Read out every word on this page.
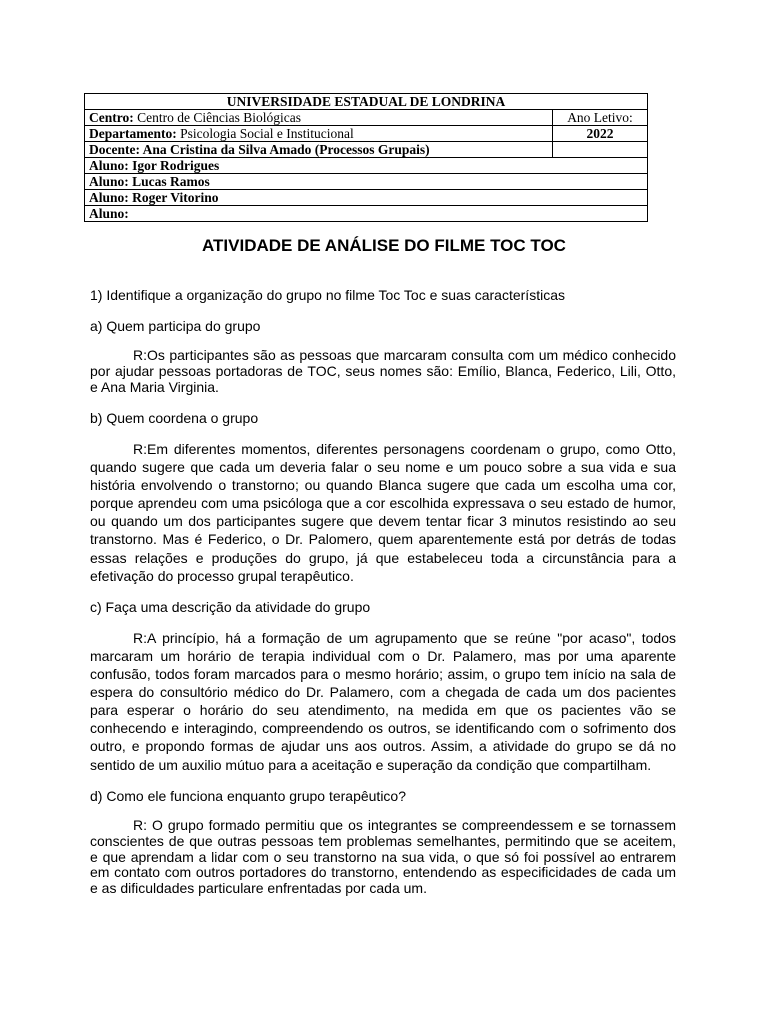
UNIVERSIDADE ESTADUAL DE LONDRINA	
Centro: Centro de Ciências Biológicas	Ano Letivo:
Departamento: Psicologia Social e Institucional	2022
Docente: Ana Cristina da Silva Amado (Processos Grupais)	
Aluno: Igor Rodrigues	
Aluno: Lucas Ramos	
Aluno: Roger Vitorino	
Aluno:	
ATIVIDADE DE ANÁLISE DO FILME TOC TOC

1) Identifique a organização do grupo no filme Toc Toc e suas características

a) Quem participa do grupo

R:Os participantes são as pessoas que marcaram consulta com um médico conhecido por ajudar pessoas portadoras de TOC, seus nomes são: Emílio, Blanca, Federico, Lili, Otto, e Ana Maria Virginia.

b) Quem coordena o grupo

R:Em diferentes momentos, diferentes personagens coordenam o grupo, como Otto, quando sugere que cada um deveria falar o seu nome e um pouco sobre a sua vida e sua história envolvendo o transtorno; ou quando Blanca sugere que cada um escolha uma cor, porque aprendeu com uma psicóloga que a cor escolhida expressava o seu estado de humor, ou quando um dos participantes sugere que devem tentar ficar 3 minutos resistindo ao seu transtorno. Mas é Federico, o Dr. Palomero, quem aparentemente está por detrás de todas essas relações e produções do grupo, já que estabeleceu toda a circunstância para a efetivação do processo grupal terapêutico.

c) Faça uma descrição da atividade do grupo

R:A princípio, há a formação de um agrupamento que se reúne "por acaso", todos marcaram um horário de terapia individual com o Dr. Palamero, mas por uma aparente confusão, todos foram marcados para o mesmo horário; assim, o grupo tem início na sala de espera do consultório médico do Dr. Palamero, com a chegada de cada um dos pacientes para esperar o horário do seu atendimento, na medida em que os pacientes vão se conhecendo e interagindo, compreendendo os outros, se identificando com o sofrimento dos outro, e propondo formas de ajudar uns aos outros. Assim, a atividade do grupo se dá no sentido de um auxilio mútuo para a aceitação e superação da condição que compartilham.

d) Como ele funciona enquanto grupo terapêutico?

R: O grupo formado permitiu que os integrantes se compreendessem e se tornassem conscientes de que outras pessoas tem problemas semelhantes, permitindo que se aceitem, e que aprendam a lidar com o seu transtorno na sua vida, o que só foi possível ao entrarem em contato com outros portadores do transtorno, entendendo as especificidades de cada um e as dificuldades particulare enfrentadas por cada um.
